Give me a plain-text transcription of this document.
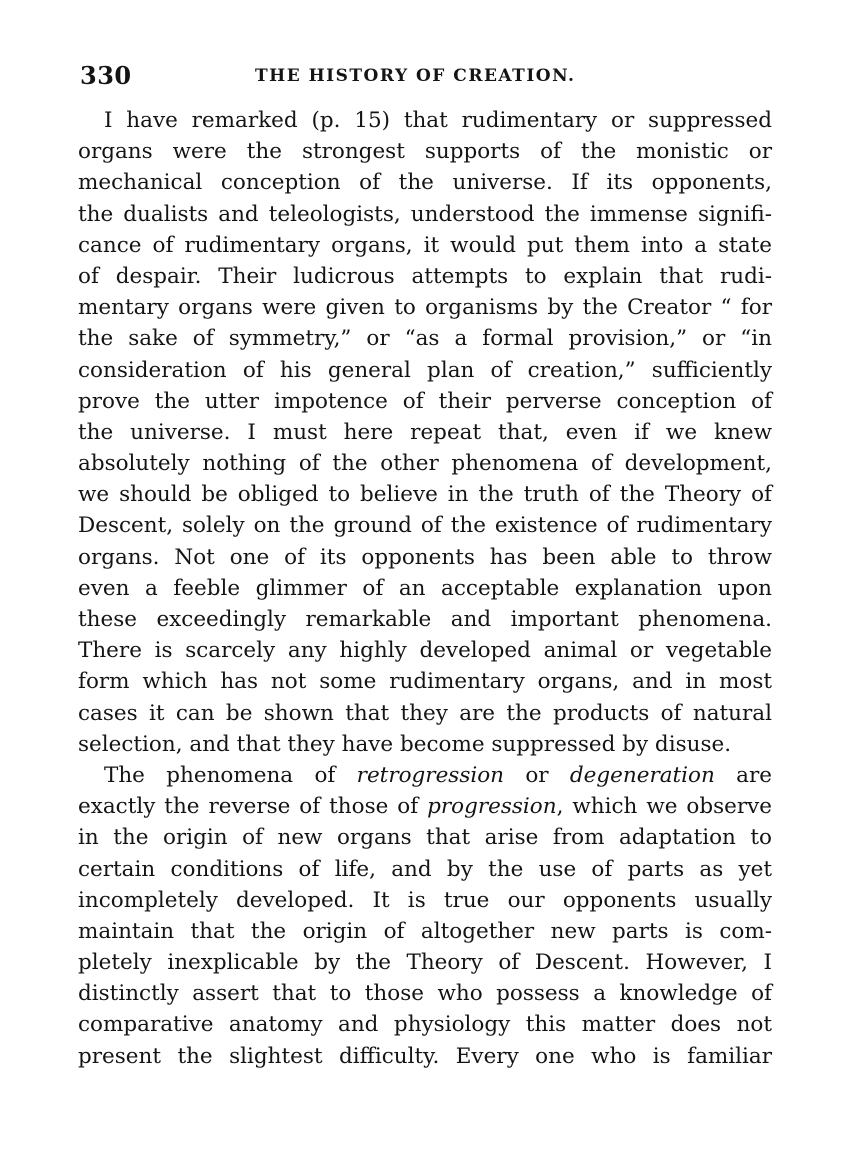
330	THE HISTORY OF CREATION.

I have remarked (p. 15) that rudimentary or suppressed
organs were the strongest supports of the monistic or
mechanical conception of the universe. If its opponents,
the dualists and teleologists, understood the immense signifi-
cance of rudimentary organs, it would put them into a state
of despair. Their ludicrous attempts to explain that rudi-
mentary organs were given to organisms by the Creator “ for
the sake of symmetry,” or “as a formal provision,” or “in
consideration of his general plan of creation,” sufficiently
prove the utter impotence of their perverse conception of
the universe. I must here repeat that, even if we knew
absolutely nothing of the other phenomena of development,
we should be obliged to believe in the truth of the Theory of
Descent, solely on the ground of the existence of rudimentary
organs. Not one of its opponents has been able to throw
even a feeble glimmer of an acceptable explanation upon
these exceedingly remarkable and important phenomena.
There is scarcely any highly developed animal or vegetable
form which has not some rudimentary organs, and in most
cases it can be shown that they are the products of natural
selection, and that they have become suppressed by disuse.

The phenomena of retrogression or degeneration are
exactly the reverse of those of progression, which we observe
in the origin of new organs that arise from adaptation to
certain conditions of life, and by the use of parts as yet
incompletely developed. It is true our opponents usually
maintain that the origin of altogether new parts is com-
pletely inexplicable by the Theory of Descent. However, I
distinctly assert that to those who possess a knowledge of
comparative anatomy and physiology this matter does not
present the slightest difficulty. Every one who is familiar
